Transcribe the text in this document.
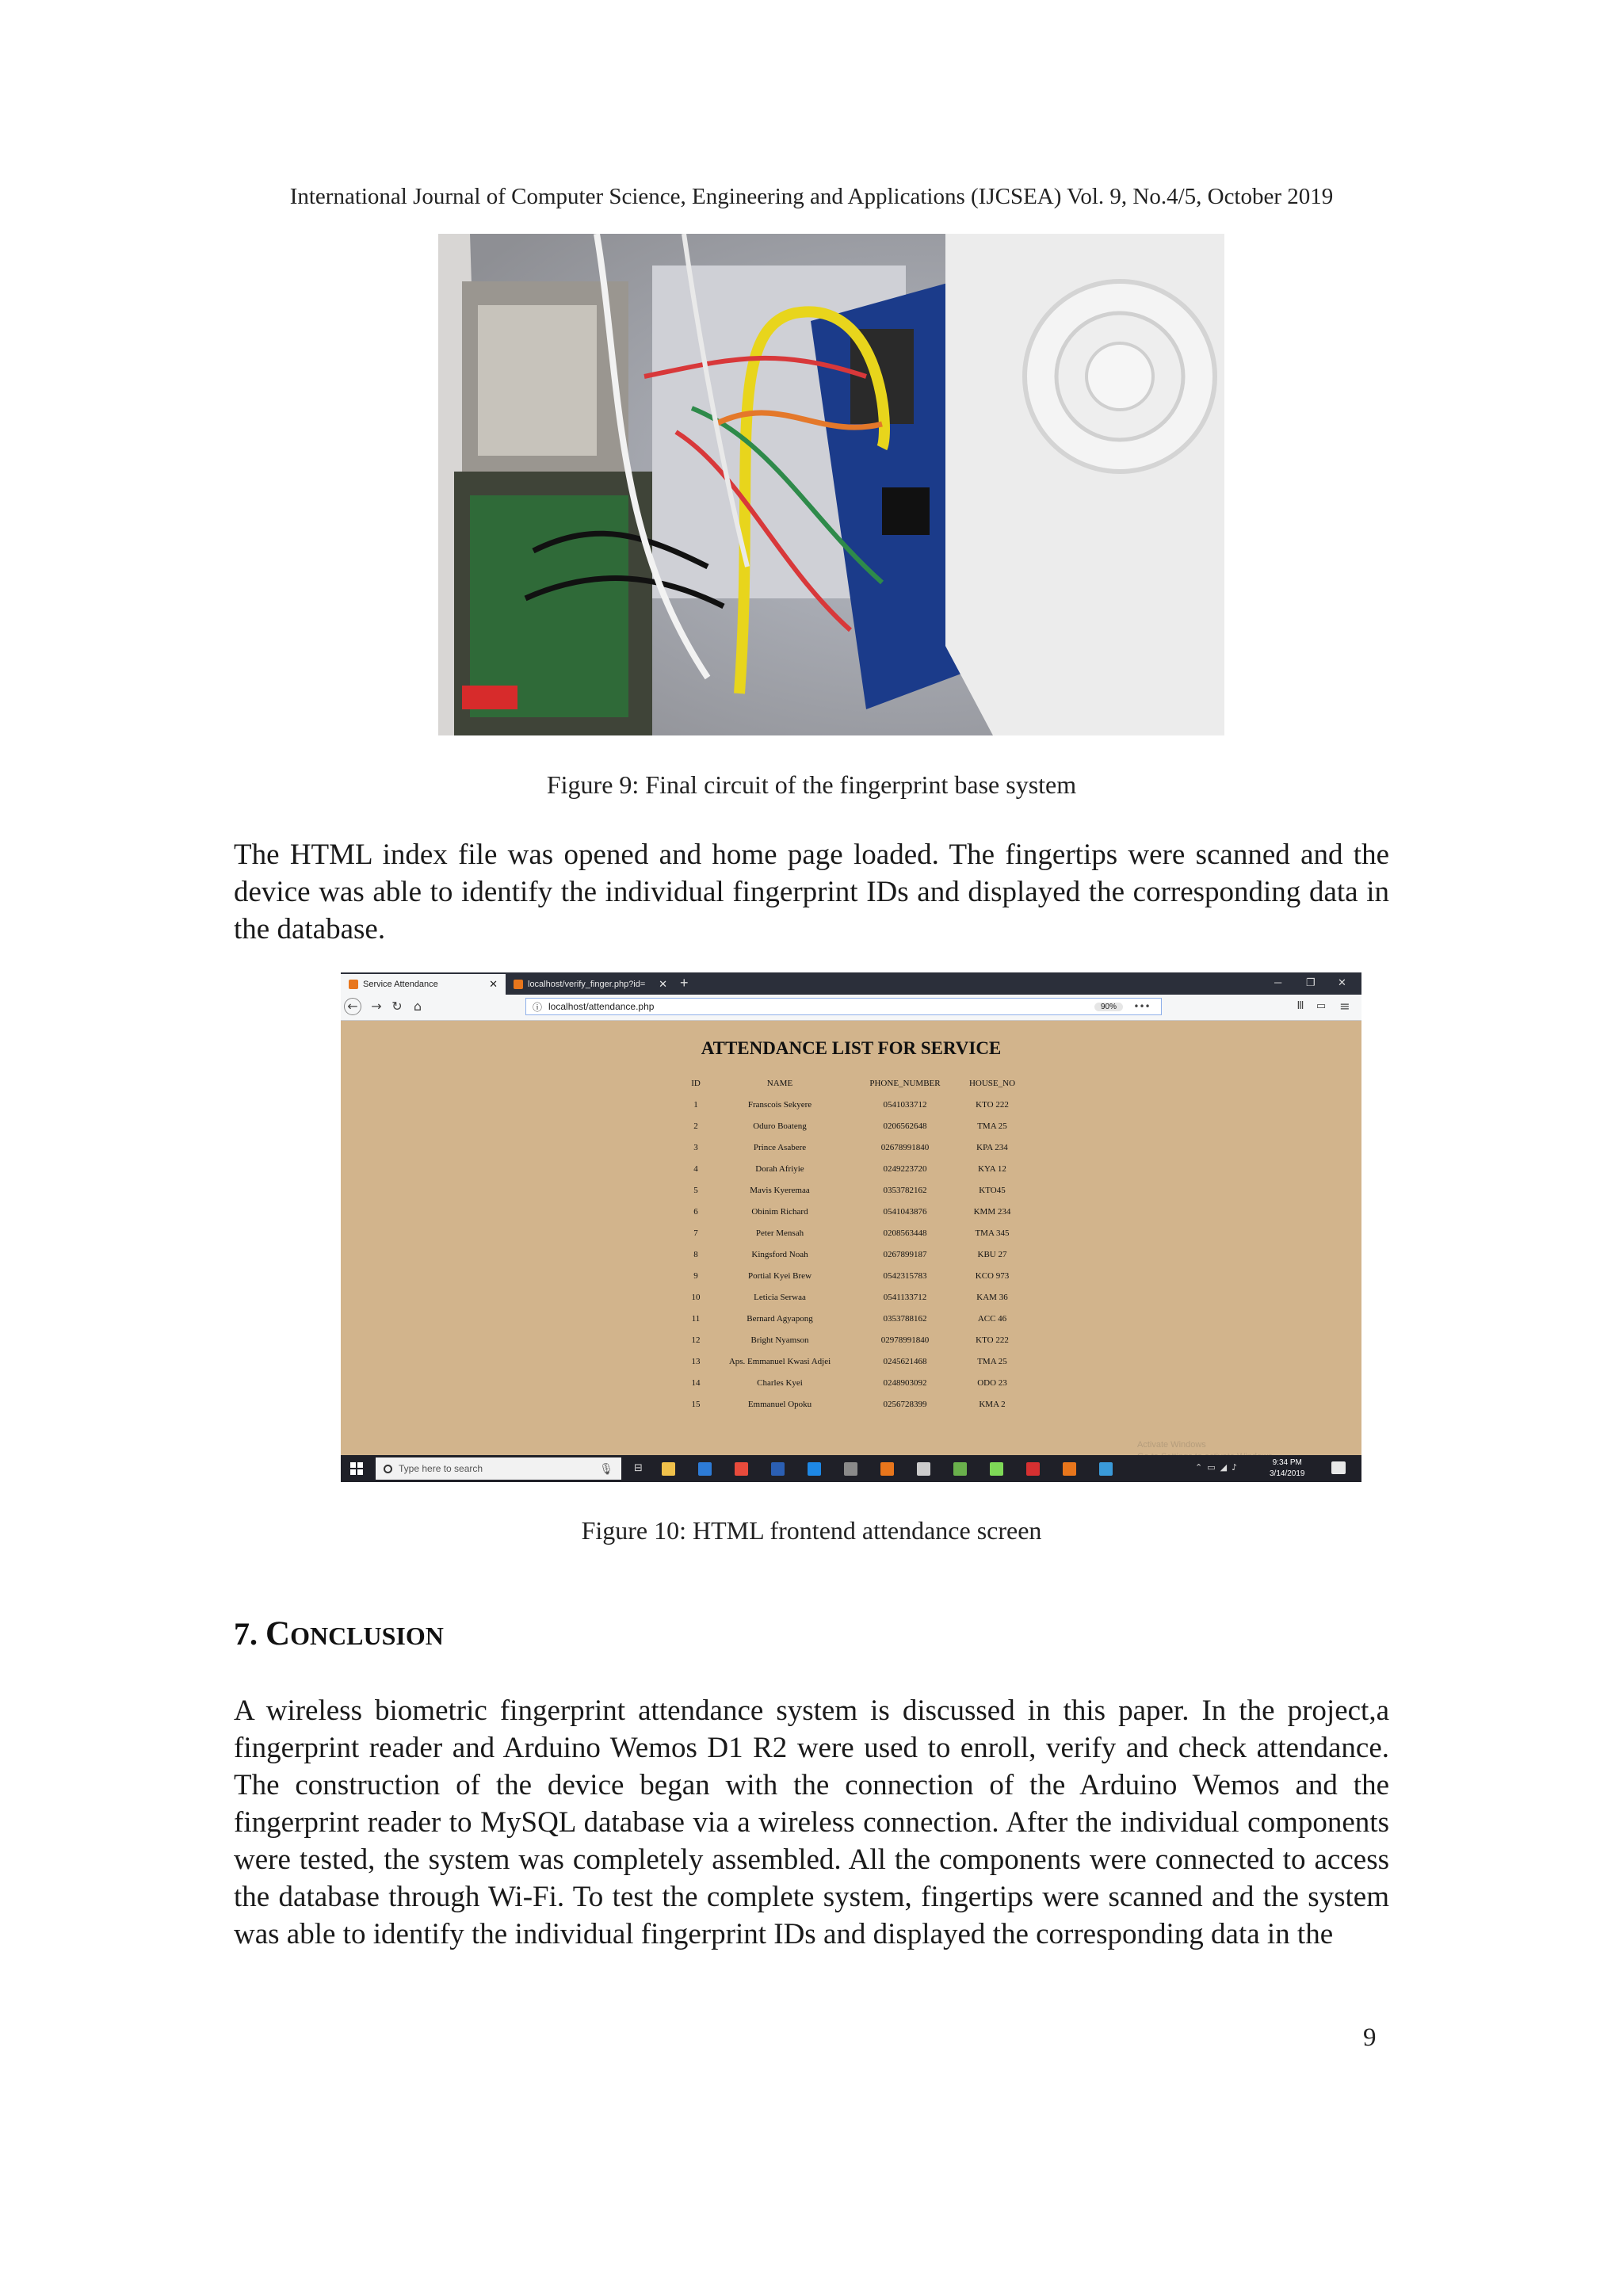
International Journal of Computer Science, Engineering and Applications (IJCSEA) Vol. 9, No.4/5, October 2019
Figure 9: Final circuit of the fingerprint base system

The HTML index file was opened and home page loaded. The fingertips were scanned and the device was able to identify the individual fingerprint IDs and displayed the corresponding data in the database.

Service Attendance	✕	localhost/verify_finger.php?id= ✕ +	─ ❐ ✕
← → ↻ ⌂	ⓘ localhost/attendance.php	90%	•••	Ⅲ	▭	≡
ATTENDANCE LIST FOR SERVICE
ID	NAME	PHONE_NUMBER	HOUSE_NO
1	Franscois Sekyere	0541033712	KTO 222
2	Oduro Boateng	0206562648	TMA 25
3	Prince Asabere	02678991840	KPA 234
4	Dorah Afriyie	0249223720	KYA 12
5	Mavis Kyeremaa	0353782162	KTO45
6	Obinim Richard	0541043876	KMM 234
7	Peter Mensah	0208563448	TMA 345
8	Kingsford Noah	0267899187	KBU 27
9	Portial Kyei Brew	0542315783	KCO 973
10	Leticia Serwaa	0541133712	KAM 36
11	Bernard Agyapong	0353788162	ACC 46
12	Bright Nyamson	02978991840	KTO 222
13	Aps. Emmanuel Kwasi Adjei	0245621468	TMA 25
14	Charles Kyei	0248903092	ODO 23
15	Emmanuel Opoku	0256728399	KMA 2
Activate Windows
Type here to search	🎙 ⊟	⌃▭◢♪	9:34 PM
3/14/2019
Figure 10: HTML frontend attendance screen
7. CONCLUSION

A wireless biometric fingerprint attendance system is discussed in this paper. In the project,a fingerprint reader and Arduino Wemos D1 R2 were used to enroll, verify and check attendance. The construction of the device began with the connection of the Arduino Wemos and the fingerprint reader to MySQL database via a wireless connection. After the individual components were tested, the system was completely assembled. All the components were connected to access the database through Wi-Fi. To test the complete system, fingertips were scanned and the system was able to identify the individual fingerprint IDs and displayed the corresponding data in the

9
